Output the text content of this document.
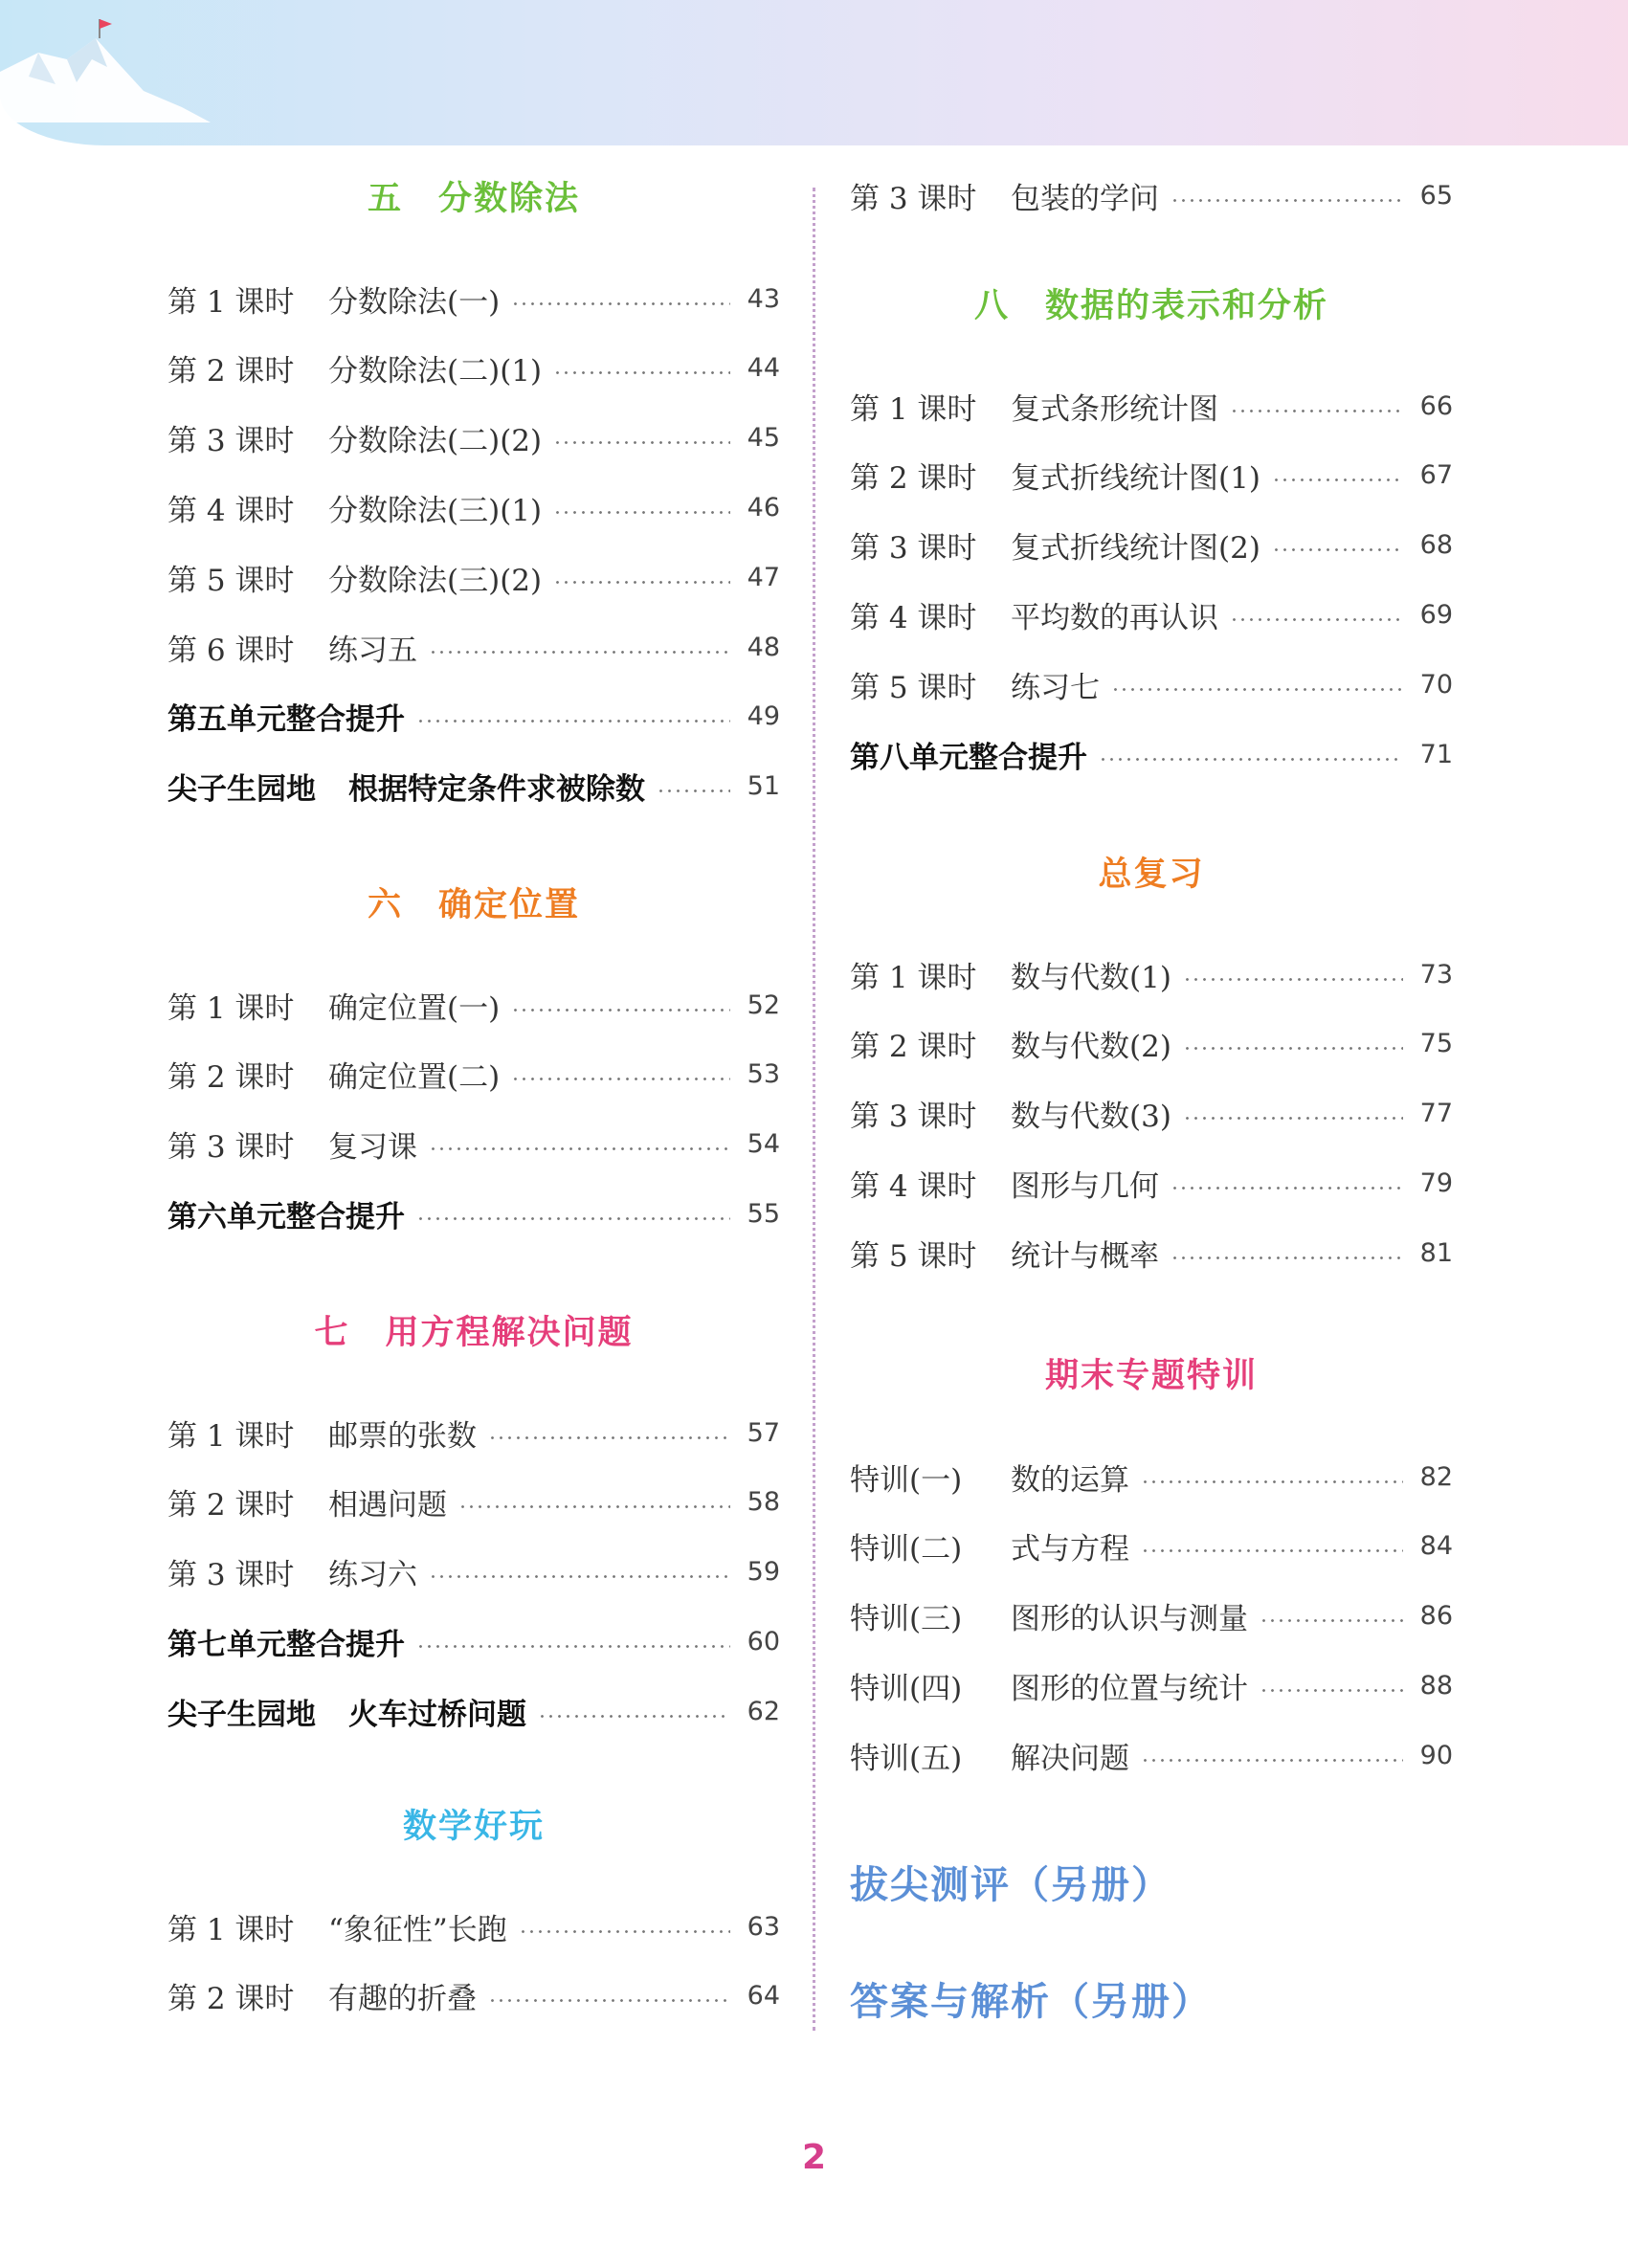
五　分数除法
第 1 课时	分数除法(一)	43
第 2 课时	分数除法(二)(1)	44
第 3 课时	分数除法(二)(2)	45
第 4 课时	分数除法(三)(1)	46
第 5 课时	分数除法(三)(2)	47
第 6 课时	练习五	48
第五单元整合提升	49
尖子生园地 根据特定条件求被除数	51
六　确定位置
第 1 课时	确定位置(一)	52
第 2 课时	确定位置(二)	53
第 3 课时	复习课	54
第六单元整合提升	55
七　用方程解决问题
第 1 课时	邮票的张数	57
第 2 课时	相遇问题	58
第 3 课时	练习六	59
第七单元整合提升	60
尖子生园地 火车过桥问题	62
数学好玩
第 1 课时	“象征性”长跑	63
第 2 课时	有趣的折叠	64
第 3 课时	包装的学问	65
八　数据的表示和分析
第 1 课时	复式条形统计图	66
第 2 课时	复式折线统计图(1)	67
第 3 课时	复式折线统计图(2)	68
第 4 课时	平均数的再认识	69
第 5 课时	练习七	70
第八单元整合提升	71
总复习
第 1 课时	数与代数(1)	73
第 2 课时	数与代数(2)	75
第 3 课时	数与代数(3)	77
第 4 课时	图形与几何	79
第 5 课时	统计与概率	81
期末专题特训
特训(一)	数的运算	82
特训(二)	式与方程	84
特训(三)	图形的认识与测量	86
特训(四)	图形的位置与统计	88
特训(五)	解决问题	90
拔尖测评（另册）
答案与解析（另册）
2
